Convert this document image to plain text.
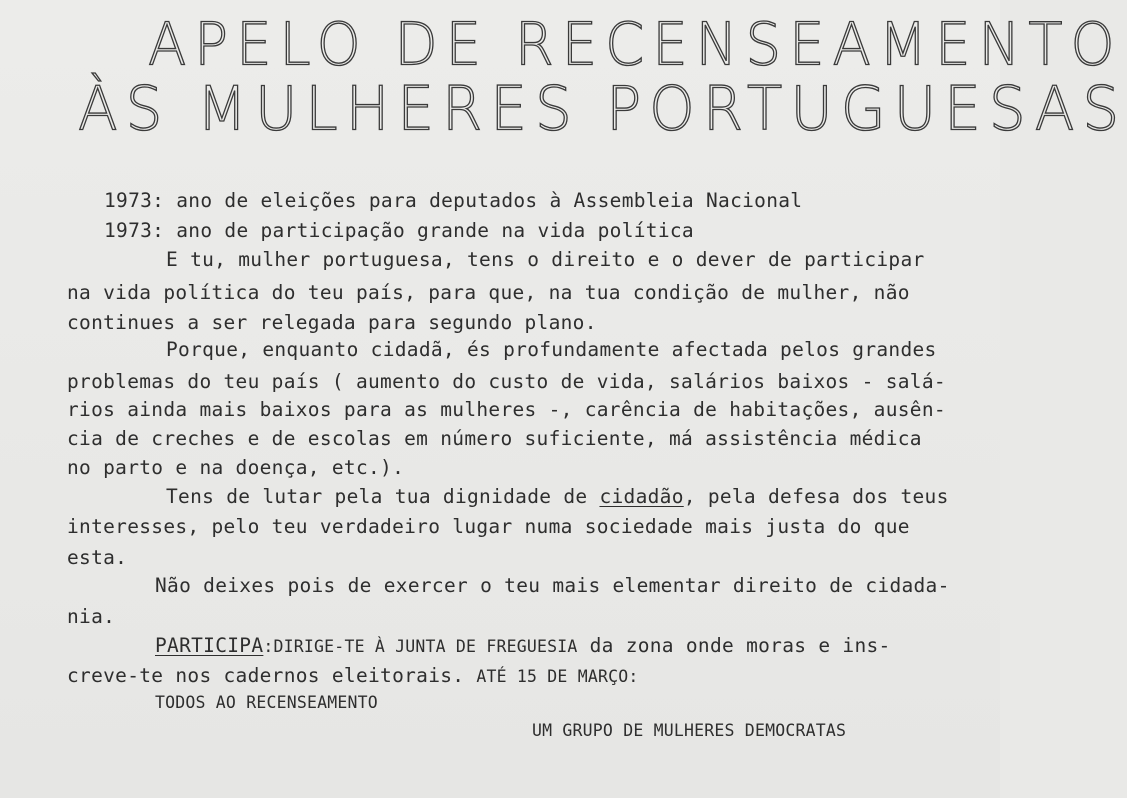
APELO DE RECENSEAMENTO
ÀS MULHERES PORTUGUESAS
1973: ano de eleições para deputados à Assembleia Nacional
1973: ano de participação grande na vida política
E tu, mulher portuguesa, tens o direito e o dever de participar
na vida política do teu país, para que, na tua condição de mulher, não
continues a ser relegada para segundo plano.
Porque, enquanto cidadã, és profundamente afectada pelos grandes
problemas do teu país ( aumento do custo de vida, salários baixos - salá-
rios ainda mais baixos para as mulheres -, carência de habitações, ausên-
cia de creches e de escolas em número suficiente, má assistência médica
no parto e na doença, etc.).
Tens de lutar pela tua dignidade de cidadão, pela defesa dos teus
interesses, pelo teu verdadeiro lugar numa sociedade mais justa do que
esta.
Não deixes pois de exercer o teu mais elementar direito de cidada-
nia.
PARTICIPA:DIRIGE-TE À JUNTA DE FREGUESIA da zona onde moras e ins-
creve-te nos cadernos eleitorais. ATÉ 15 DE MARÇO:
TODOS AO RECENSEAMENTO
UM GRUPO DE MULHERES DEMOCRATAS
